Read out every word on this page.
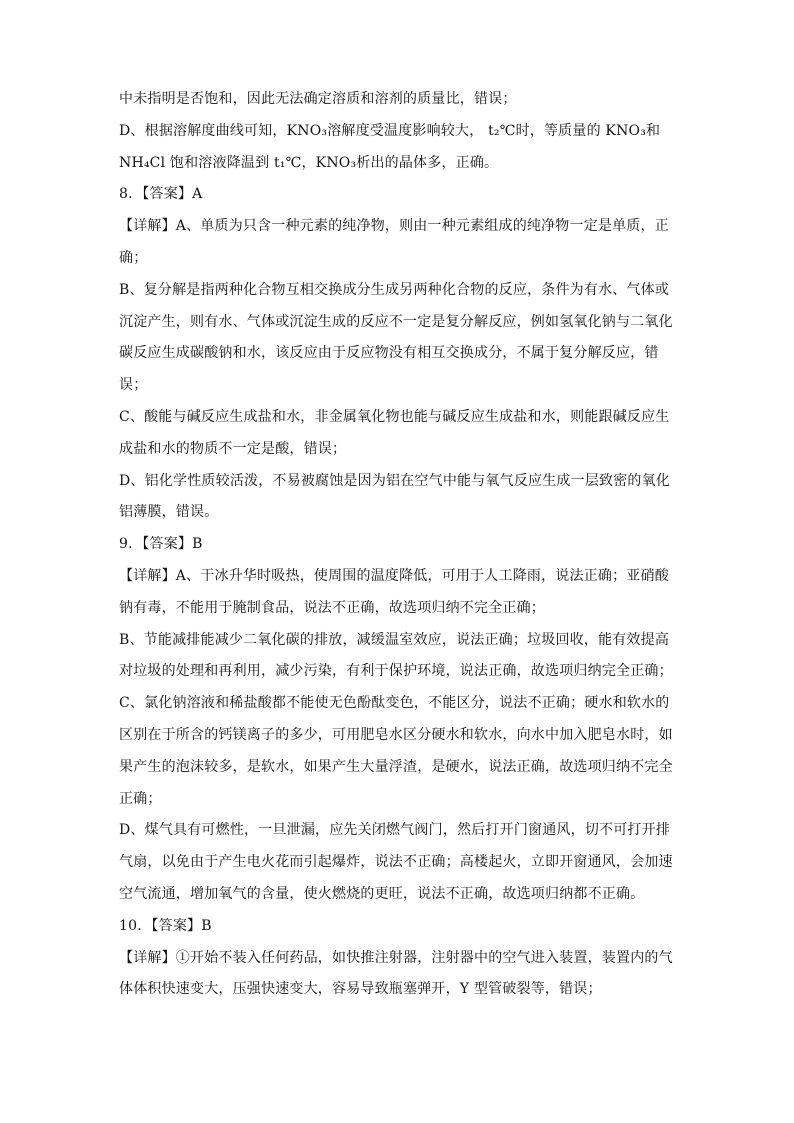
中未指明是否饱和，因此无法确定溶质和溶剂的质量比，错误；
D、根据溶解度曲线可知，KNO₃溶解度受温度影响较大， t₂℃时，等质量的 KNO₃和
NH₄Cl 饱和溶液降温到 t₁℃，KNO₃析出的晶体多，正确。
8．【答案】A
【详解】A、单质为只含一种元素的纯净物，则由一种元素组成的纯净物一定是单质，正
确；
B、复分解是指两种化合物互相交换成分生成另两种化合物的反应，条件为有水、气体或
沉淀产生，则有水、气体或沉淀生成的反应不一定是复分解反应，例如氢氧化钠与二氧化
碳反应生成碳酸钠和水，该反应由于反应物没有相互交换成分，不属于复分解反应，错
误；
C、酸能与碱反应生成盐和水，非金属氧化物也能与碱反应生成盐和水，则能跟碱反应生
成盐和水的物质不一定是酸，错误；
D、铝化学性质较活泼，不易被腐蚀是因为铝在空气中能与氧气反应生成一层致密的氧化
铝薄膜，错误。
9．【答案】B
【详解】A、干冰升华时吸热，使周围的温度降低，可用于人工降雨，说法正确；亚硝酸
钠有毒，不能用于腌制食品，说法不正确，故选项归纳不完全正确；
B、节能减排能减少二氧化碳的排放，减缓温室效应，说法正确；垃圾回收，能有效提高
对垃圾的处理和再利用，减少污染，有利于保护环境，说法正确，故选项归纳完全正确；
C、氯化钠溶液和稀盐酸都不能使无色酚酞变色，不能区分，说法不正确；硬水和软水的
区别在于所含的钙镁离子的多少，可用肥皂水区分硬水和软水，向水中加入肥皂水时，如
果产生的泡沫较多，是软水，如果产生大量浮渣，是硬水，说法正确，故选项归纳不完全
正确；
D、煤气具有可燃性，一旦泄漏，应先关闭燃气阀门，然后打开门窗通风，切不可打开排
气扇，以免由于产生电火花而引起爆炸，说法不正确；高楼起火，立即开窗通风，会加速
空气流通，增加氧气的含量，使火燃烧的更旺，说法不正确，故选项归纳都不正确。
10．【答案】B
【详解】①开始不装入任何药品，如快推注射器，注射器中的空气进入装置，装置内的气
体体积快速变大，压强快速变大，容易导致瓶塞弹开，Y 型管破裂等，错误；
